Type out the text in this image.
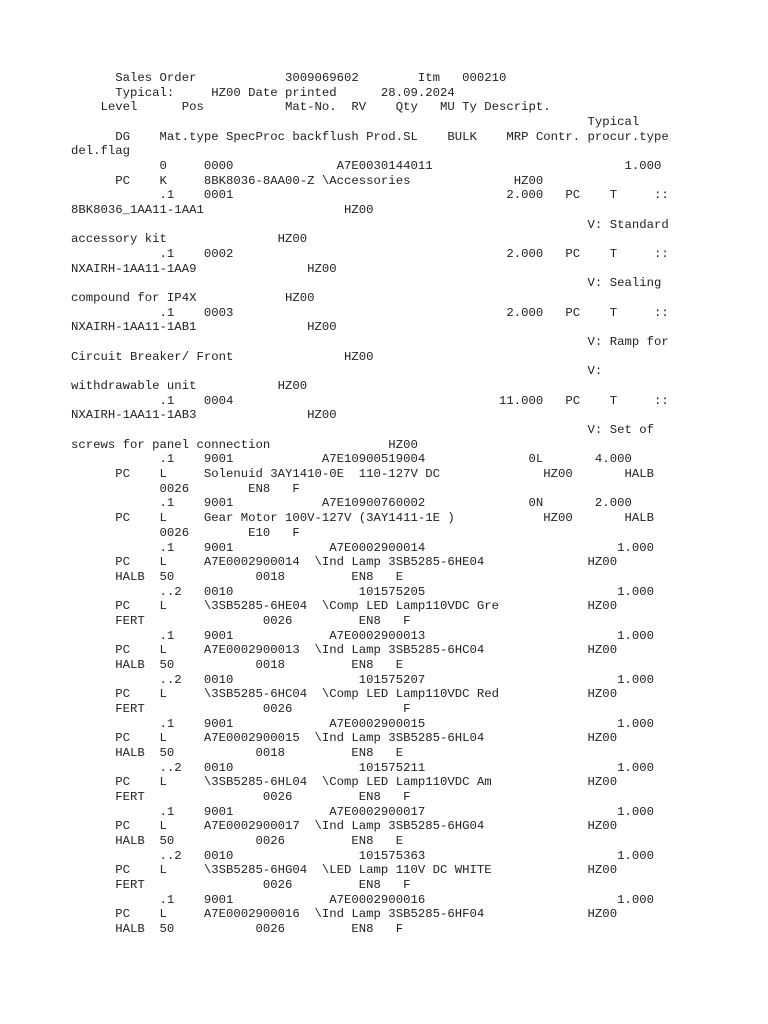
Sales Order            3009069602        Itm   000210
Typical:     HZ00 Date printed      28.09.2024
Level      Pos           Mat-No.  RV    Qty   MU Ty Descript.
Typical
DG    Mat.type SpecProc backflush Prod.SL    BULK    MRP Contr. procur.type
del.flag
0     0000              A7E0030144011                          1.000
PC    K     8BK8036-8AA00-Z \Accessories              HZ00
.1    0001                                     2.000   PC    T     ::
8BK8036_1AA11-1AA1                   HZ00
V: Standard
accessory kit               HZ00
.1    0002                                     2.000   PC    T     ::
NXAIRH-1AA11-1AA9               HZ00
V: Sealing
compound for IP4X            HZ00
.1    0003                                     2.000   PC    T     ::
NXAIRH-1AA11-1AB1               HZ00
V: Ramp for
Circuit Breaker/ Front               HZ00
V:
withdrawable unit           HZ00
.1    0004                                    11.000   PC    T     ::
NXAIRH-1AA11-1AB3               HZ00
V: Set of
screws for panel connection                HZ00
.1    9001            A7E10900519004              0L       4.000
PC    L     Solenuid 3AY1410-0E  110-127V DC              HZ00       HALB
0026        EN8   F
.1    9001            A7E10900760002              0N       2.000
PC    L     Gear Motor 100V-127V (3AY1411-1E )            HZ00       HALB
0026        E10   F
.1    9001             A7E0002900014                          1.000
PC    L     A7E0002900014  \Ind Lamp 3SB5285-6HE04              HZ00
HALB  50           0018         EN8   E
..2   0010                 101575205                          1.000
PC    L     \3SB5285-6HE04  \Comp LED Lamp110VDC Gre            HZ00
FERT                0026         EN8   F
.1    9001             A7E0002900013                          1.000
PC    L     A7E0002900013  \Ind Lamp 3SB5285-6HC04              HZ00
HALB  50           0018         EN8   E
..2   0010                 101575207                          1.000
PC    L     \3SB5285-6HC04  \Comp LED Lamp110VDC Red            HZ00
FERT                0026               F
.1    9001             A7E0002900015                          1.000
PC    L     A7E0002900015  \Ind Lamp 3SB5285-6HL04              HZ00
HALB  50           0018         EN8   E
..2   0010                 101575211                          1.000
PC    L     \3SB5285-6HL04  \Comp LED Lamp110VDC Am             HZ00
FERT                0026         EN8   F
.1    9001             A7E0002900017                          1.000
PC    L     A7E0002900017  \Ind Lamp 3SB5285-6HG04              HZ00
HALB  50           0026         EN8   E
..2   0010                 101575363                          1.000
PC    L     \3SB5285-6HG04  \LED Lamp 110V DC WHITE             HZ00
FERT                0026         EN8   F
.1    9001             A7E0002900016                          1.000
PC    L     A7E0002900016  \Ind Lamp 3SB5285-6HF04              HZ00
HALB  50           0026         EN8   F
